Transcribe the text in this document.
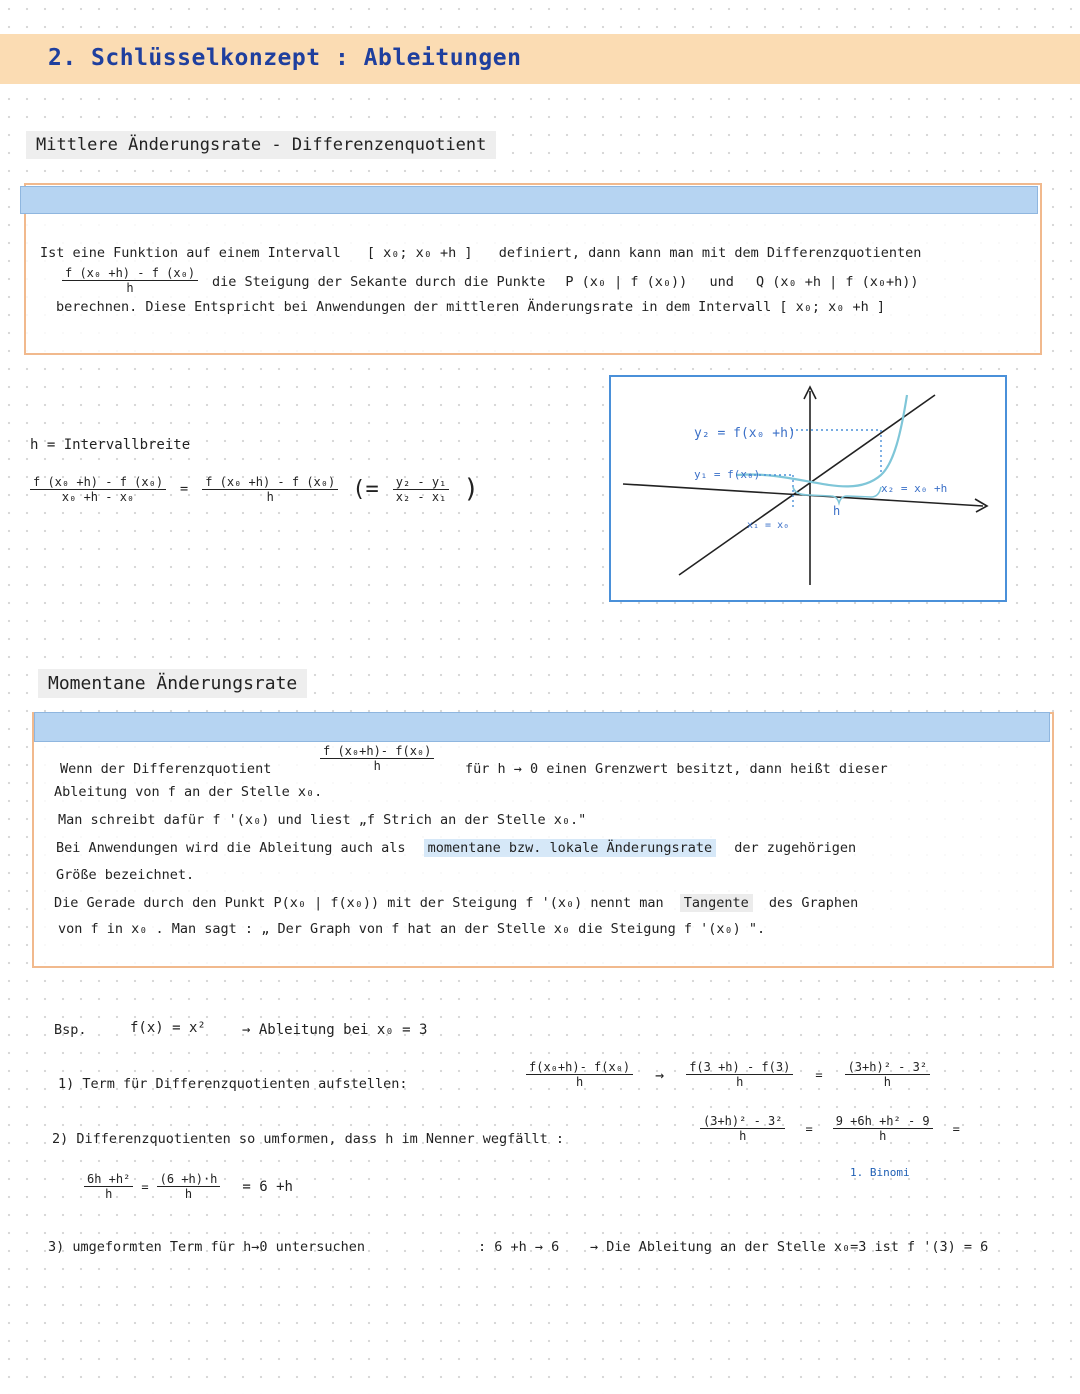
2. Schlüsselkonzept : Ableitungen
Mittlere Änderungsrate - Differenzenquotient
Ist eine Funktion auf einem Intervall [ x₀; x₀ +h ] definiert, dann kann man mit dem Differenzquotienten
$\frac{\text{f (x₀ +h) - f (x₀)}}{h}$ die Steigung der Sekante durch die Punkte P (x₀ | f (x₀)) und Q (x₀ +h | f (x₀+h))
berechnen. Diese Entspricht bei Anwendungen der mittleren Änderungsrate in dem Intervall [ x₀; x₀ +h ]
h = Intervallbreite
$\frac{\text{f (x₀ +h) - f (x₀)}}{\text{x₀ +h - x₀}} = \frac{\text{f (x₀ +h) - f (x₀)}}{h}$ (= $\frac{\text{y₂ - y₁}}{\text{x₂ - x₁}}$ )
y₂ = f(x₀ +h)
y₁ = f(x₀)
x₂ = x₀ +h
x₁ = x₀
h
Momentane Änderungsrate
$\frac{\text{f (x₀+h)- f(x₀)}}{h}$
Wenn der Differenzquotient	für h → 0 einen Grenzwert besitzt, dann heißt dieser
Ableitung von f an der Stelle x₀.
Man schreibt dafür f '(x₀) und liest „f Strich an der Stelle x₀."
Bei Anwendungen wird die Ableitung auch als momentane bzw. lokale Änderungsrate der zugehörigen
Größe bezeichnet.
Die Gerade durch den Punkt P(x₀ | f(x₀)) mit der Steigung f '(x₀) nennt man Tangente des Graphen
von f in x₀ . Man sagt : „ Der Graph von f hat an der Stelle x₀ die Steigung f '(x₀) ".
Bsp.	f(x) = x²	→ Ableitung bei x₀ = 3
1) Term für Differenzquotienten aufstellen:	$\frac{\text{f(x₀+h)- f(x₀)}}{h} \to \frac{f(3 +h) - f(3)}{h} = \frac{\text{(3+h)² - 3²}}{h}$
2) Differenzquotienten so umformen, dass h im Nenner wegfällt :	$\frac{\text{(3+h)² - 3²}}{h} = \frac{\text{9 +6h +h² - 9}}{h}$ =
1. Binomi
$\frac{\text{6h +h²}}{h} = \frac{(6 +h)\cdot h}{h} = 6 +h$
3) umgeformten Term für h→0 untersuchen	: 6 +h → 6 → Die Ableitung an der Stelle x₀=3 ist f '(3) = 6
